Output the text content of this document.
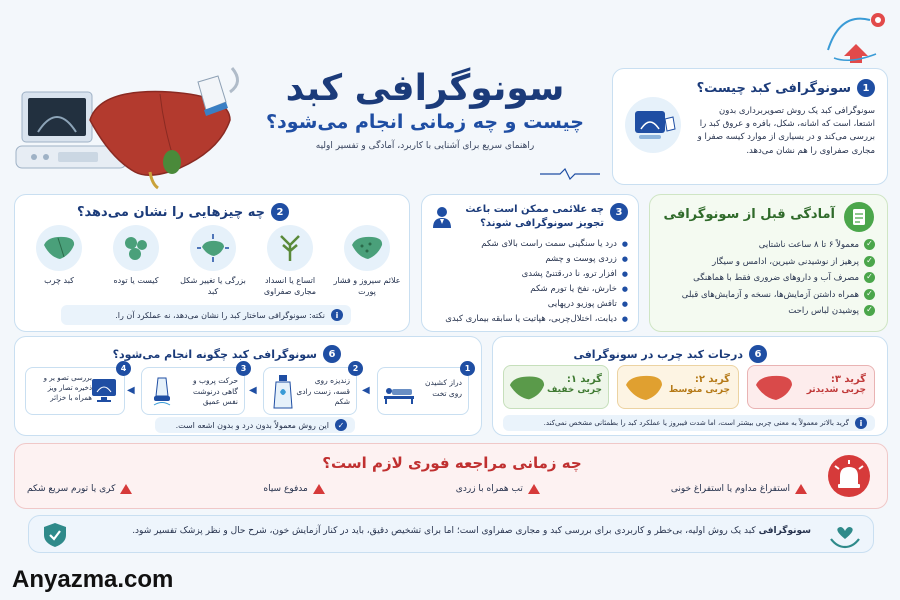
سونوگرافی کبد
چیست و چه زمانی انجام می‌شود؟
راهنمای سریع برای آشنایی با کاربرد، آمادگی و تفسیر اولیه
1
سونوگرافی کبد چیست؟
سونوگرافی کبد یک روش تصویربرداری بدون اشتعا، است که اشانه، شکل، بافره و عروق کبد را بررسی می‌کند و در بسیاری از موارد کیسه صفرا و مجاری صفراوی را هم نشان می‌دهد.
2
چه چیزهایی را نشان می‌دهد؟
علائم سیروز و فشار پورت
اتساع یا انسداد مجاری صفراوی
بزرگی یا تغییر شکل کبد
کیست یا توده
کبد چرب
i
نکته: سونوگرافی ساختار کبد را نشان می‌دهد، نه عملکرد آن را.
3
چه علائمی ممکن است باعث تجویز سونوگرافی شوند؟
● درد یا سنگینی سمت راست بالای شکم
● زردی پوست و چشم
● افزار ترو، نا در،قتنیْ پشدی
● خارش، نفخ یا تورم شکم
● تافش پوزیو درپهایی
● دیابت، اختلال‌چربی، هپاتیت یا سابقه بیماری کبدی
آمادگی قبل از سونوگرافی
✓ معمولاً ۶ تا ۸ ساعت ناشتایی
✓ پرهیز از نوشیدنی شیرین، ادامس و سیگار
✓ مصرف آب و داروهای ضروری فقط با هماهنگی
✓ همراه داشتن آزمایش‌ها، نسخه و آزمایش‌های قبلی
✓ پوشیدن لباس راحت
6
سونوگرافی کبد چگونه انجام می‌شود؟
1
دراز کشیدن روی تخت
◀
2
زندیزه روی قسه، زست رادی شکم
◀
3
حرکت پروب و گاهی در‌نوشت نفس عمیق
◀
4
بررسی تصو یر و ذخیره تصار ویز همراه با خزائر
✓
این روش معمولاً بدون درد و بدون اشعه است.
6
درجات کبد چرب در سونوگرافی
گرید ۳:
چربی شدیدتر
گرید ۲:
چربی متوسط
گرید ۱:
چربی خفیف
i
گرید بالاتر معمولاً به معنی چربی بیشتر است، اما شدت فیبروز یا عملکرد کبد را بطمئانی مشخص نمی‌کند.
چه زمانی مراجعه فوری لازم است؟
استفراغ مداوم یا استفراغ خونی
تب همراه با زردی
مدفوع سیاه
کری یا تورم سریع شکم
سونوگرافی کبد یک روش اولیه، بی‌خطر و کاربردی برای بررسی کبد و مجاری صفراوی است؛ اما برای تشخیص دقیق، باید در کنار آزمایش خون، شرح حال و نظر پزشک تفسیر شود.
Anyazma.com
